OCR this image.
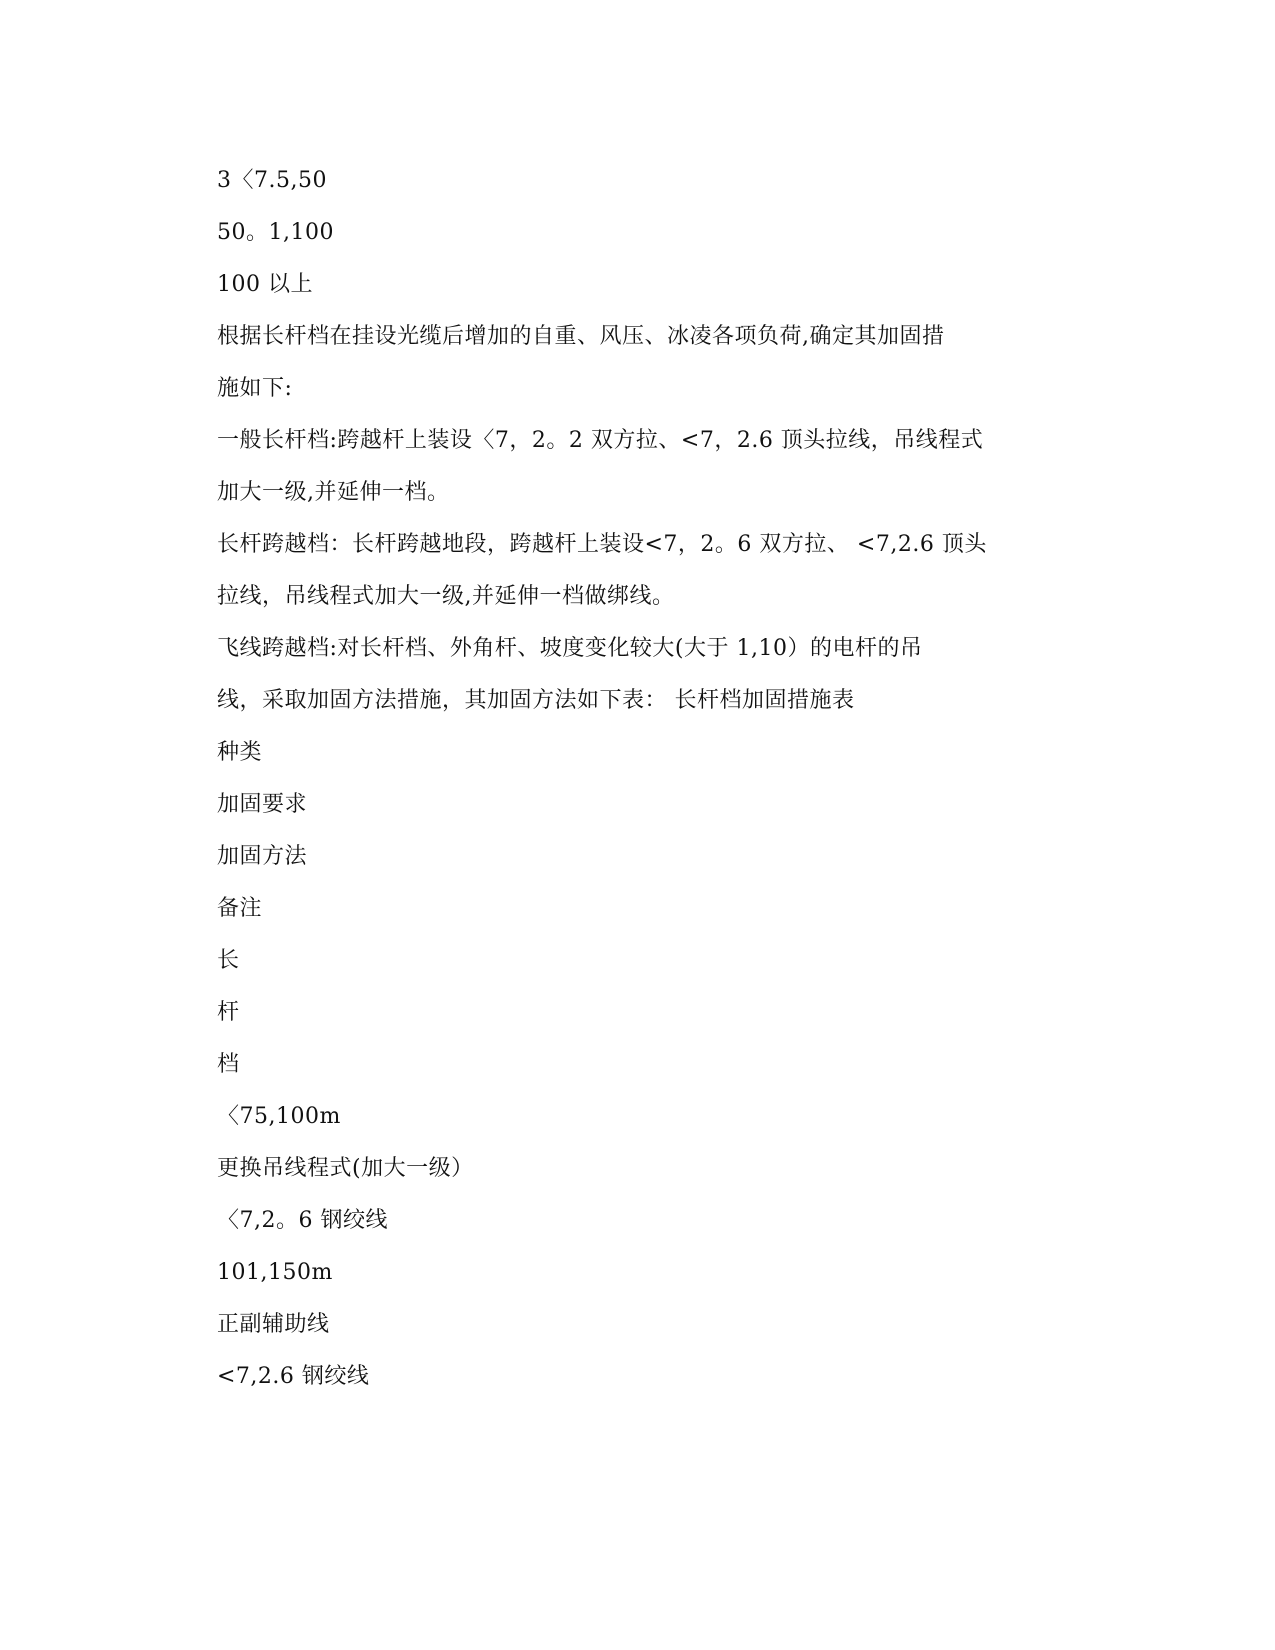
3〈7.5,50
50。1,100
100 以上
根据长杆档在挂设光缆后增加的自重、风压、冰凌各项负荷,确定其加固措
施如下:
一般长杆档:跨越杆上装设〈7，2。2 双方拉、<7，2.6 顶头拉线，吊线程式
加大一级,并延伸一档。
长杆跨越档：长杆跨越地段，跨越杆上装设<7，2。6 双方拉、 <7,2.6 顶头
拉线，吊线程式加大一级,并延伸一档做绑线。
飞线跨越档:对长杆档、外角杆、坡度变化较大(大于 1,10）的电杆的吊
线，采取加固方法措施，其加固方法如下表： 长杆档加固措施表
种类
加固要求
加固方法
备注
长
杆
档
〈75,100m
更换吊线程式(加大一级）
〈7,2。6 钢绞线
101,150m
正副辅助线
<7,2.6 钢绞线
